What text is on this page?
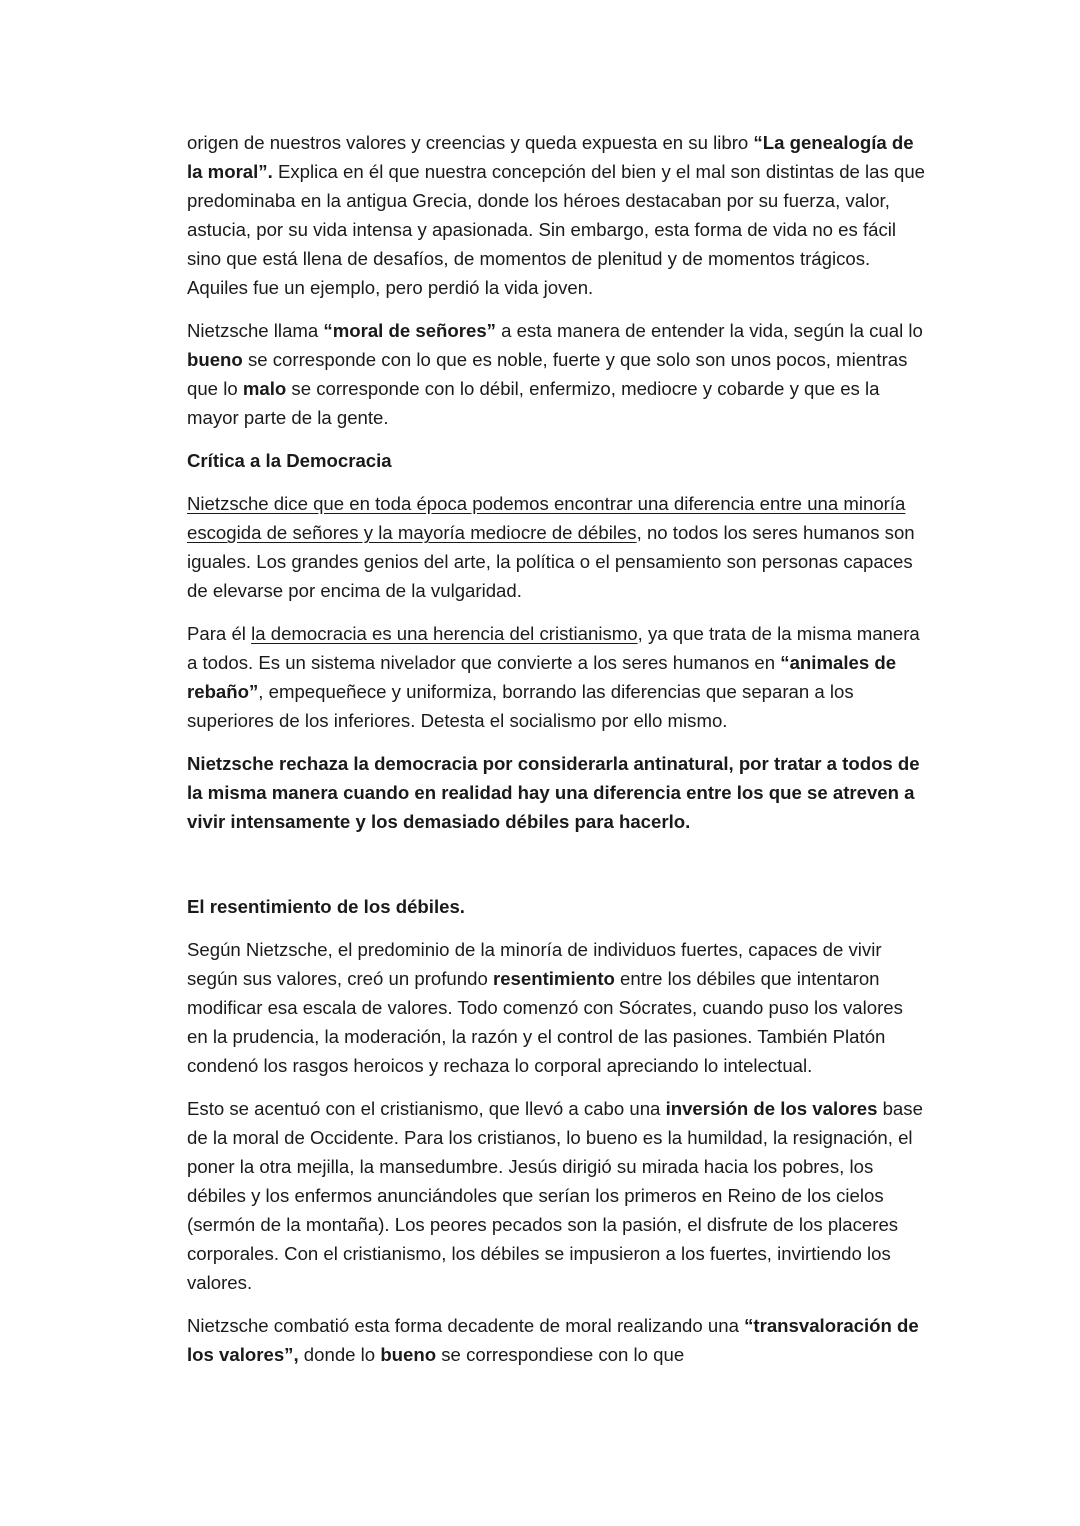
origen de nuestros valores y creencias y queda expuesta en su libro “La genealogía de la moral”. Explica en él que nuestra concepción del bien y el mal son distintas de las que predominaba en la antigua Grecia, donde los héroes destacaban por su fuerza, valor, astucia, por su vida intensa y apasionada. Sin embargo, esta forma de vida no es fácil sino que está llena de desafíos, de momentos de plenitud y de momentos trágicos. Aquiles fue un ejemplo, pero perdió la vida joven.

Nietzsche llama “moral de señores” a esta manera de entender la vida, según la cual lo bueno se corresponde con lo que es noble, fuerte y que solo son unos pocos, mientras que lo malo se corresponde con lo débil, enfermizo, mediocre y cobarde y que es la mayor parte de la gente.

Crítica a la Democracia

Nietzsche dice que en toda época podemos encontrar una diferencia entre una minoría escogida de señores y la mayoría mediocre de débiles, no todos los seres humanos son iguales. Los grandes genios del arte, la política o el pensamiento son personas capaces de elevarse por encima de la vulgaridad.

Para él la democracia es una herencia del cristianismo, ya que trata de la misma manera a todos. Es un sistema nivelador que convierte a los seres humanos en “animales de rebaño”, empequeñece y uniformiza, borrando las diferencias que separan a los superiores de los inferiores. Detesta el socialismo por ello mismo.

Nietzsche rechaza la democracia por considerarla antinatural, por tratar a todos de la misma manera cuando en realidad hay una diferencia entre los que se atreven a vivir intensamente y los demasiado débiles para hacerlo.

El resentimiento de los débiles.

Según Nietzsche, el predominio de la minoría de individuos fuertes, capaces de vivir según sus valores, creó un profundo resentimiento entre los débiles que intentaron modificar esa escala de valores. Todo comenzó con Sócrates, cuando puso los valores en la prudencia, la moderación, la razón y el control de las pasiones. También Platón condenó los rasgos heroicos y rechaza lo corporal apreciando lo intelectual.

Esto se acentuó con el cristianismo, que llevó a cabo una inversión de los valores base de la moral de Occidente. Para los cristianos, lo bueno es la humildad, la resignación, el poner la otra mejilla, la mansedumbre. Jesús dirigió su mirada hacia los pobres, los débiles y los enfermos anunciándoles que serían los primeros en Reino de los cielos (sermón de la montaña). Los peores pecados son la pasión, el disfrute de los placeres corporales. Con el cristianismo, los débiles se impusieron a los fuertes, invirtiendo los valores.

Nietzsche combatió esta forma decadente de moral realizando una “transvaloración de los valores”, donde lo bueno se correspondiese con lo que
